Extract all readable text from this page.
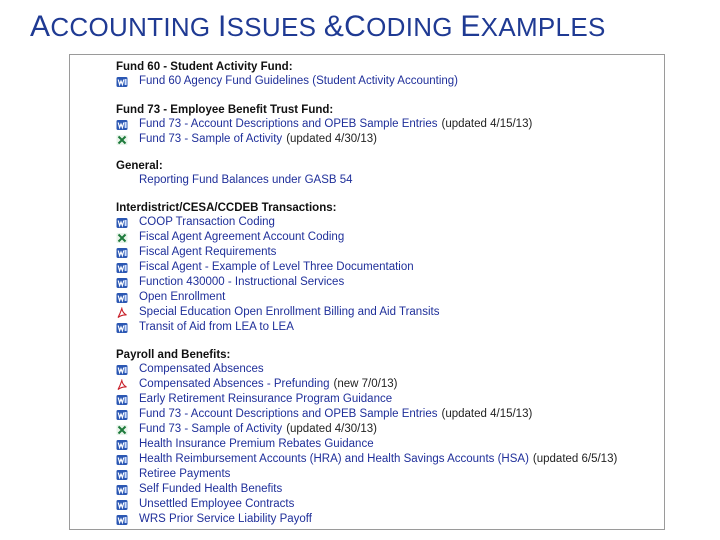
ACCOUNTING ISSUES &CODING EXAMPLES
Fund 60 - Student Activity Fund:
Fund 60 Agency Fund Guidelines (Student Activity Accounting)
Fund 73 - Employee Benefit Trust Fund:
Fund 73 - Account Descriptions and OPEB Sample Entries (updated 4/15/13)
Fund 73 - Sample of Activity (updated 4/30/13)
General:
Reporting Fund Balances under GASB 54
Interdistrict/CESA/CCDEB Transactions:
COOP Transaction Coding
Fiscal Agent Agreement Account Coding
Fiscal Agent Requirements
Fiscal Agent - Example of Level Three Documentation
Function 430000 - Instructional Services
Open Enrollment
Special Education Open Enrollment Billing and Aid Transits
Transit of Aid from LEA to LEA
Payroll and Benefits:
Compensated Absences
Compensated Absences - Prefunding (new 7/0/13)
Early Retirement Reinsurance Program Guidance
Fund 73 - Account Descriptions and OPEB Sample Entries (updated 4/15/13)
Fund 73 - Sample of Activity (updated 4/30/13)
Health Insurance Premium Rebates Guidance
Health Reimbursement Accounts (HRA) and Health Savings Accounts (HSA) (updated 6/5/13)
Retiree Payments
Self Funded Health Benefits
Unsettled Employee Contracts
WRS Prior Service Liability Payoff
